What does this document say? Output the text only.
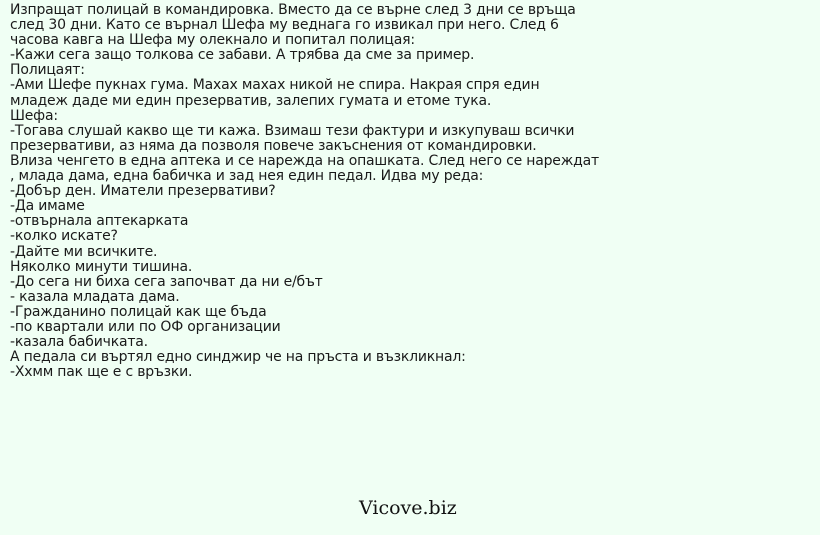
Изпращат полицай в командировка. Вместо да се върне след 3 дни се връща
след 30 дни. Като се върнал Шефа му веднага го извикал при него. След 6
часова кавга на Шефа му олекнало и попитал полицая:
-Кажи сега защо толкова се забави. А трябва да сме за пример.
Полицаят:
-Ами Шефе пукнах гума. Махах махах никой не спира. Накрая спря един
младеж даде ми един презерватив, залепих гумата и етоме тука.
Шефа:
-Тогава слушай какво ще ти кажа. Взимаш тези фактури и изкупуваш всички
презервативи, аз няма да позволя повече закъснения от командировки.
Влиза ченгето в една аптека и се нарежда на опашката. След него се нареждат
, млада дама, една бабичка и зад нея един педал. Идва му реда:
-Добър ден. Иматели презервативи?
-Да имаме
-отвърнала аптекарката
-колко искате?
-Дайте ми всичките.
Няколко минути тишина.
-До сега ни биха сега започват да ни е/бът
- казала младата дама.
-Гражданино полицай как ще бъда
-по квартали или по ОФ организации
-казала бабичката.
А педала си въртял едно синджир че на пръста и възкликнал:
-Ххмм пак ще е с връзки.
Vicove.biz
